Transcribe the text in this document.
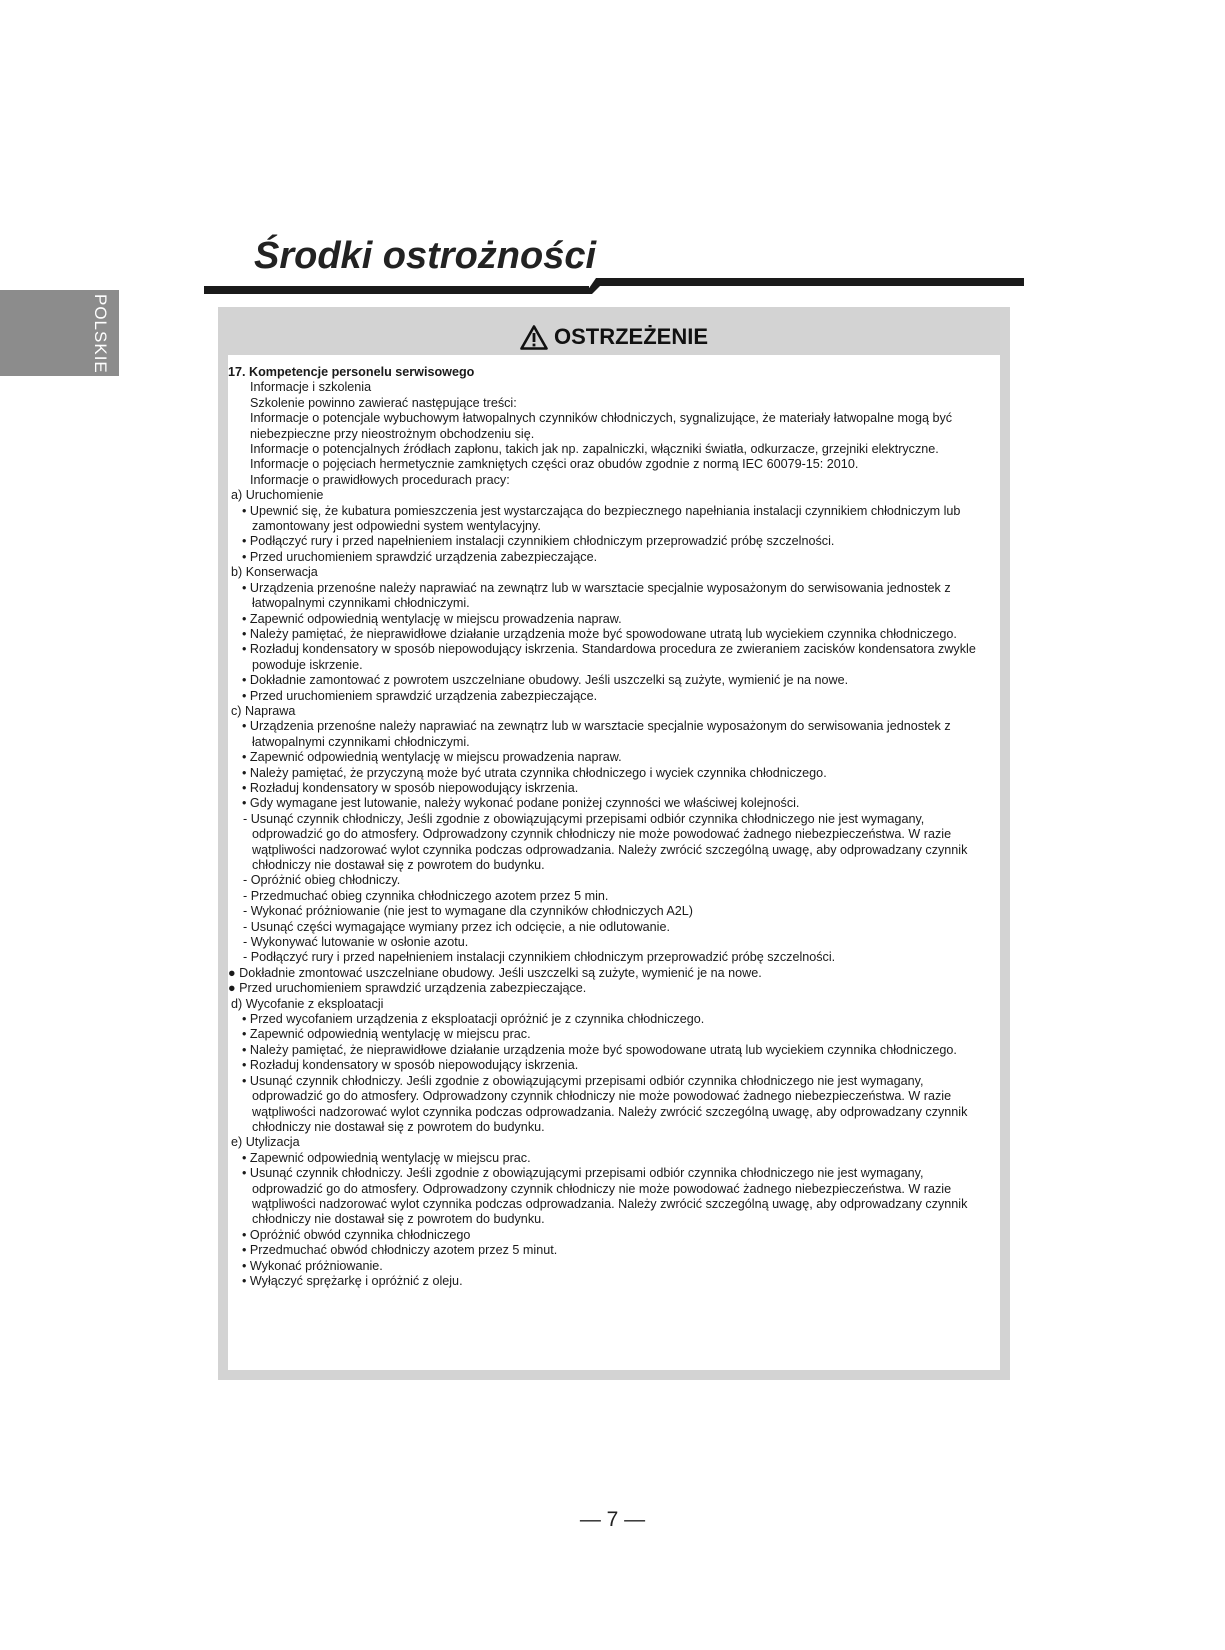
POLSKIE
Środki ostrożności
OSTRZEŻENIE

17. Kompetencje personelu serwisowego

Informacje i szkolenia

Szkolenie powinno zawierać następujące treści:

Informacje o potencjale wybuchowym łatwopalnych czynników chłodniczych, sygnalizujące, że materiały łatwopalne mogą być niebezpieczne przy nieostrożnym obchodzeniu się.

Informacje o potencjalnych źródłach zapłonu, takich jak np. zapalniczki, włączniki światła, odkurzacze, grzejniki elektryczne.

Informacje o pojęciach hermetycznie zamkniętych części oraz obudów zgodnie z normą IEC 60079-15: 2010.

Informacje o prawidłowych procedurach pracy:

a) Uruchomienie

• Upewnić się, że kubatura pomieszczenia jest wystarczająca do bezpiecznego napełniania instalacji czynnikiem chłodniczym lub zamontowany jest odpowiedni system wentylacyjny.

• Podłączyć rury i przed napełnieniem instalacji czynnikiem chłodniczym przeprowadzić próbę szczelności.

• Przed uruchomieniem sprawdzić urządzenia zabezpieczające.

b) Konserwacja

• Urządzenia przenośne należy naprawiać na zewnątrz lub w warsztacie specjalnie wyposażonym do serwisowania jednostek z łatwopalnymi czynnikami chłodniczymi.

• Zapewnić odpowiednią wentylację w miejscu prowadzenia napraw.

• Należy pamiętać, że nieprawidłowe działanie urządzenia może być spowodowane utratą lub wyciekiem czynnika chłodniczego.

• Rozładuj kondensatory w sposób niepowodujący iskrzenia. Standardowa procedura ze zwieraniem zacisków kondensatora zwykle powoduje iskrzenie.

• Dokładnie zamontować z powrotem uszczelniane obudowy. Jeśli uszczelki są zużyte, wymienić je na nowe.

• Przed uruchomieniem sprawdzić urządzenia zabezpieczające.

c) Naprawa

• Urządzenia przenośne należy naprawiać na zewnątrz lub w warsztacie specjalnie wyposażonym do serwisowania jednostek z łatwopalnymi czynnikami chłodniczymi.

• Zapewnić odpowiednią wentylację w miejscu prowadzenia napraw.

• Należy pamiętać, że przyczyną może być utrata czynnika chłodniczego i wyciek czynnika chłodniczego.

• Rozładuj kondensatory w sposób niepowodujący iskrzenia.

• Gdy wymagane jest lutowanie, należy wykonać podane poniżej czynności we właściwej kolejności.

- Usunąć czynnik chłodniczy, Jeśli zgodnie z obowiązującymi przepisami odbiór czynnika chłodniczego nie jest wymagany, odprowadzić go do atmosfery. Odprowadzony czynnik chłodniczy nie może powodować żadnego niebezpieczeństwa. W razie wątpliwości nadzorować wylot czynnika podczas odprowadzania. Należy zwrócić szczególną uwagę, aby odprowadzany czynnik chłodniczy nie dostawał się z powrotem do budynku.

- Opróżnić obieg chłodniczy.

- Przedmuchać obieg czynnika chłodniczego azotem przez 5 min.

- Wykonać próżniowanie (nie jest to wymagane dla czynników chłodniczych A2L)

- Usunąć części wymagające wymiany przez ich odcięcie, a nie odlutowanie.

- Wykonywać lutowanie w osłonie azotu.

- Podłączyć rury i przed napełnieniem instalacji czynnikiem chłodniczym przeprowadzić próbę szczelności.

● Dokładnie zmontować uszczelniane obudowy. Jeśli uszczelki są zużyte, wymienić je na nowe.

● Przed uruchomieniem sprawdzić urządzenia zabezpieczające.

d) Wycofanie z eksploatacji

• Przed wycofaniem urządzenia z eksploatacji opróżnić je z czynnika chłodniczego.

• Zapewnić odpowiednią wentylację w miejscu prac.

• Należy pamiętać, że nieprawidłowe działanie urządzenia może być spowodowane utratą lub wyciekiem czynnika chłodniczego.

• Rozładuj kondensatory w sposób niepowodujący iskrzenia.

• Usunąć czynnik chłodniczy. Jeśli zgodnie z obowiązującymi przepisami odbiór czynnika chłodniczego nie jest wymagany, odprowadzić go do atmosfery. Odprowadzony czynnik chłodniczy nie może powodować żadnego niebezpieczeństwa. W razie wątpliwości nadzorować wylot czynnika podczas odprowadzania. Należy zwrócić szczególną uwagę, aby odprowadzany czynnik chłodniczy nie dostawał się z powrotem do budynku.

e) Utylizacja

• Zapewnić odpowiednią wentylację w miejscu prac.

• Usunąć czynnik chłodniczy. Jeśli zgodnie z obowiązującymi przepisami odbiór czynnika chłodniczego nie jest wymagany, odprowadzić go do atmosfery. Odprowadzony czynnik chłodniczy nie może powodować żadnego niebezpieczeństwa. W razie wątpliwości nadzorować wylot czynnika podczas odprowadzania. Należy zwrócić szczególną uwagę, aby odprowadzany czynnik chłodniczy nie dostawał się z powrotem do budynku.

• Opróżnić obwód czynnika chłodniczego

• Przedmuchać obwód chłodniczy azotem przez 5 minut.

• Wykonać próżniowanie.

• Wyłączyć sprężarkę i opróżnić z oleju.

— 7 —
